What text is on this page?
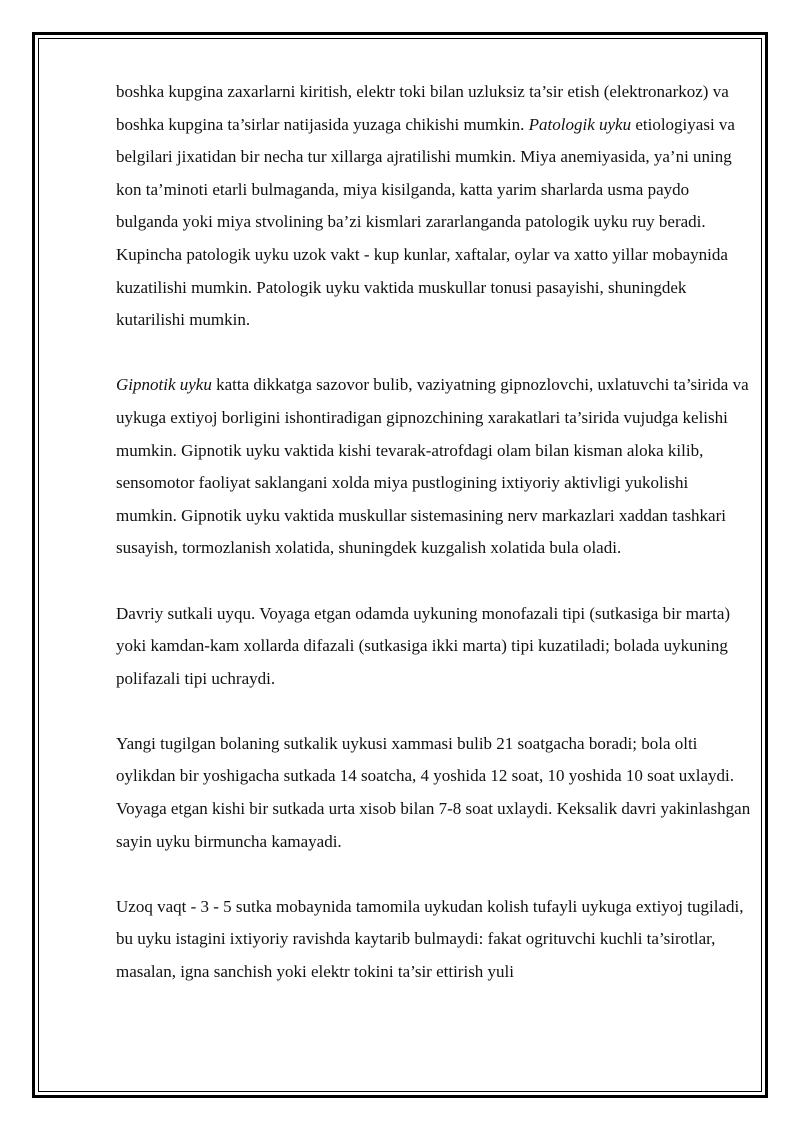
boshka kupgina zaxarlarni kiritish, elektr toki bilan uzluksiz ta’sir etish (elektronarkoz) va boshka kupgina ta’sirlar natijasida yuzaga chikishi mumkin. Patologik uyku etiologiyasi va belgilari jixatidan bir necha tur xillarga ajratilishi mumkin. Miya anemiyasida, ya’ni uning kon ta’minoti etarli bulmaganda, miya kisilganda, katta yarim sharlarda usma paydo bulganda yoki miya stvolining ba’zi kismlari zararlanganda patologik uyku ruy beradi. Kupincha patologik uyku uzok vakt - kup kunlar, xaftalar, oylar va xatto yillar mobaynida kuzatilishi mumkin. Patologik uyku vaktida muskullar tonusi pasayishi, shuningdek kutarilishi mumkin.

Gipnotik uyku katta dikkatga sazovor bulib, vaziyatning gipnozlovchi, uxlatuvchi ta’sirida va uykuga extiyoj borligini ishontiradigan gipnozchining xarakatlari ta’sirida vujudga kelishi mumkin. Gipnotik uyku vaktida kishi tevarak-atrofdagi olam bilan kisman aloka kilib, sensomotor faoliyat saklangani xolda miya pustlogining ixtiyoriy aktivligi yukolishi mumkin. Gipnotik uyku vaktida muskullar sistemasining nerv markazlari xaddan tashkari susayish, tormozlanish xolatida, shuningdek kuzgalish xolatida bula oladi.

Davriy sutkali uyqu. Voyaga etgan odamda uykuning monofazali tipi (sutkasiga bir marta) yoki kamdan-kam xollarda difazali (sutkasiga ikki marta) tipi kuzatiladi; bolada uykuning polifazali tipi uchraydi.

Yangi tugilgan bolaning sutkalik uykusi xammasi bulib 21 soatgacha boradi; bola olti oylikdan bir yoshigacha sutkada 14 soatcha, 4 yoshida 12 soat, 10 yoshida 10 soat uxlaydi. Voyaga etgan kishi bir sutkada urta xisob bilan 7-8 soat uxlaydi. Keksalik davri yakinlashgan sayin uyku birmuncha kamayadi.

Uzoq vaqt - 3 - 5 sutka mobaynida tamomila uykudan kolish tufayli uykuga extiyoj tugiladi, bu uyku istagini ixtiyoriy ravishda kaytarib bulmaydi: fakat ogrituvchi kuchli ta’sirotlar, masalan, igna sanchish yoki elektr tokini ta’sir ettirish yuli
